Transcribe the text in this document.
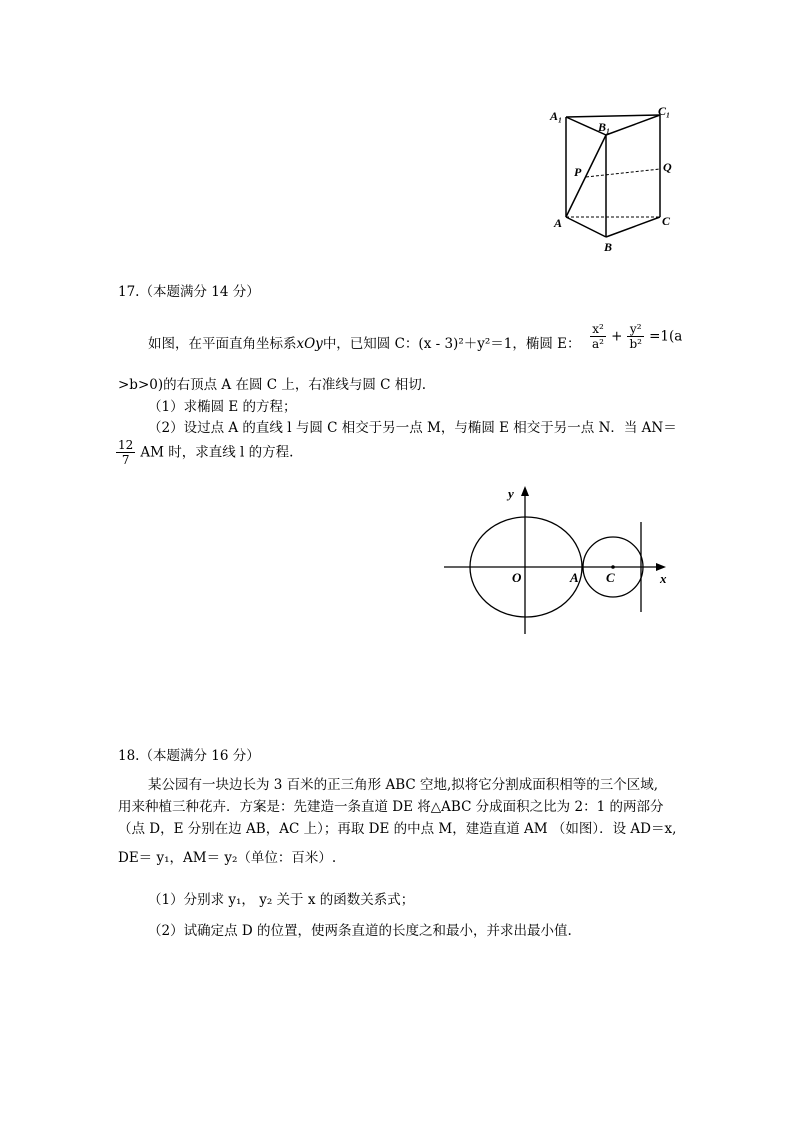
A₁
B₁
C₁
P	Q
A
B
C
17.（本题满分 14 分）
如图，在平面直角坐标系xOy中，已知圆 C：(x - 3)²＋y²＝1，椭圆 E： $\frac{\text{x²}}{\text{a²}} + \frac{\text{y²}}{\text{b²}} =1(a$
>b>0)的右顶点 A 在圆 C 上，右准线与圆 C 相切.
（1）求椭圆 E 的方程；
（2）设过点 A 的直线 l 与圆 C 相交于另一点 M，与椭圆 E 相交于另一点 N．当 AN＝
$\frac{12}{7}$ AM 时，求直线 l 的方程.
y
x
O	A C
18.（本题满分 16 分）
某公园有一块边长为 3 百米的正三角形 ABC 空地,拟将它分割成面积相等的三个区域,
用来种植三种花卉．方案是：先建造一条直道 DE 将△ABC 分成面积之比为 2：1 的两部分
（点 D，E 分别在边 AB，AC 上）；再取 DE 的中点 M，建造直道 AM （如图）．设 AD＝x,
DE＝ y₁，AM＝ y₂（单位：百米）.
（1）分别求 y₁， y₂ 关于 x 的函数关系式；
（2）试确定点 D 的位置，使两条直道的长度之和最小，并求出最小值.
